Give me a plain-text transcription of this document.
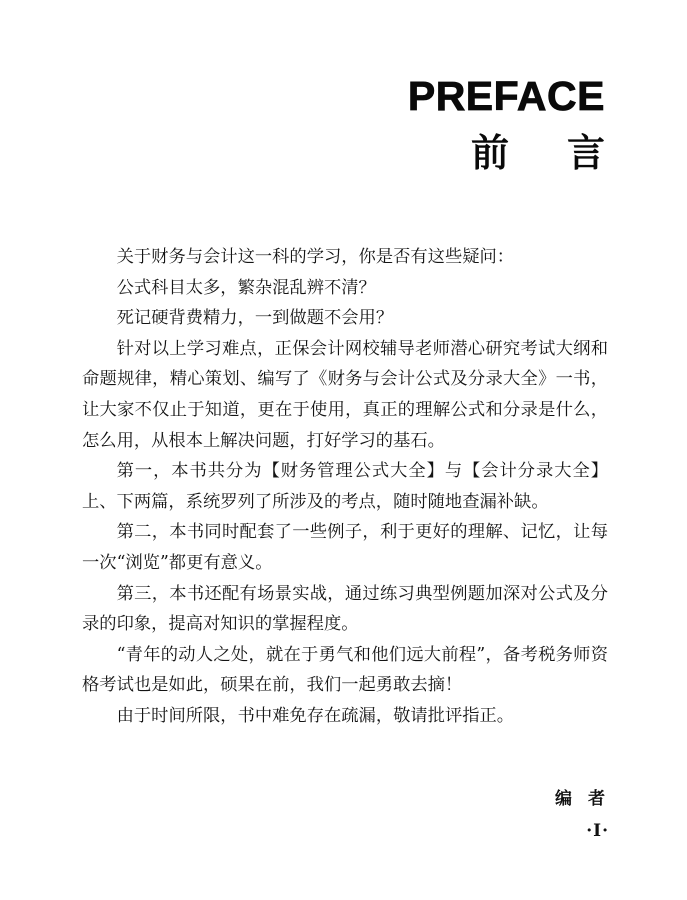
PREFACE
前言

关于财务与会计这一科的学习，你是否有这些疑问：

公式科目太多，繁杂混乱辨不清？

死记硬背费精力，一到做题不会用？

针对以上学习难点，正保会计网校辅导老师潜心研究考试大纲和命题规律，精心策划、编写了《财务与会计公式及分录大全》一书，让大家不仅止于知道，更在于使用，真正的理解公式和分录是什么，怎么用，从根本上解决问题，打好学习的基石。

第一，本书共分为【财务管理公式大全】与【会计分录大全】上、下两篇，系统罗列了所涉及的考点，随时随地查漏补缺。

第二，本书同时配套了一些例子，利于更好的理解、记忆，让每一次“浏览”都更有意义。

第三，本书还配有场景实战，通过练习典型例题加深对公式及分录的印象，提高对知识的掌握程度。

“青年的动人之处，就在于勇气和他们远大前程”，备考税务师资格考试也是如此，硕果在前，我们一起勇敢去摘！

由于时间所限，书中难免存在疏漏，敬请批评指正。

编者
·Ⅰ·
